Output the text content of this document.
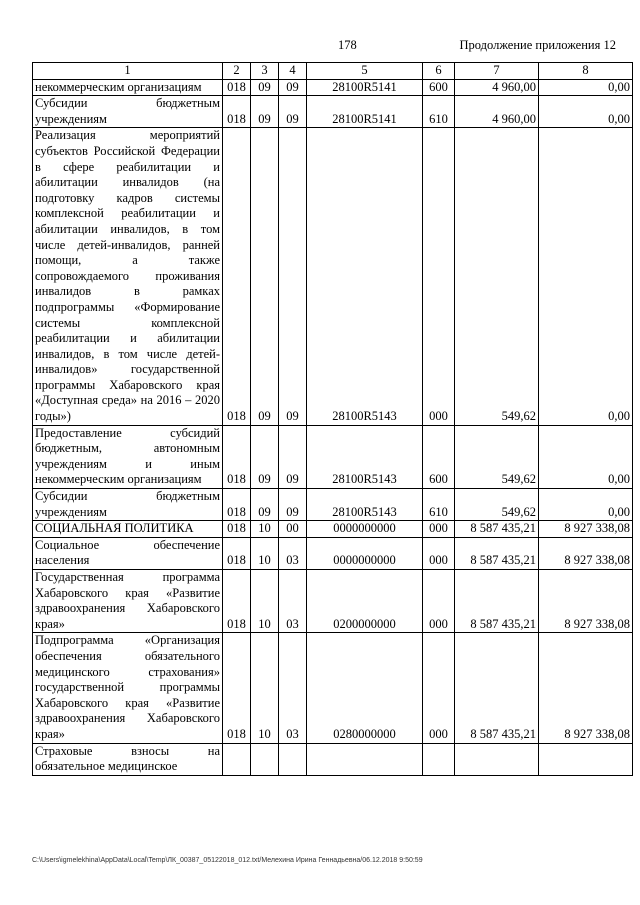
178	Продолжение приложения 12
1	2	3	4	5	6	7	8
некоммерческим организациям	018	09	09	28100R5141	600	4 960,00	0,00
Субсидии бюджетным учреждениям	018	09	09	28100R5141	610	4 960,00	0,00
Реализация мероприятий субъектов Российской Федерации в сфере реабилитации и абилитации инвалидов (на подготовку кадров системы комплексной реабилитации и абилитации инвалидов, в том числе детей-инвалидов, ранней помощи, а также сопровождаемого проживания инвалидов в рамках подпрограммы «Формирование системы комплексной реабилитации и абилитации инвалидов, в том числе детей-инвалидов» государственной программы Хабаровского края «Доступная среда» на 2016 – 2020 годы»)	018	09	09	28100R5143	000	549,62	0,00
Предоставление субсидий бюджетным, автономным учреждениям и иным некоммерческим организациям	018	09	09	28100R5143	600	549,62	0,00
Субсидии бюджетным учреждениям	018	09	09	28100R5143	610	549,62	0,00
СОЦИАЛЬНАЯ ПОЛИТИКА	018	10	00	0000000000	000	8 587 435,21	8 927 338,08
Социальное обеспечение населения	018	10	03	0000000000	000	8 587 435,21	8 927 338,08
Государственная программа Хабаровского края «Развитие здравоохранения Хабаровского края»	018	10	03	0200000000	000	8 587 435,21	8 927 338,08
Подпрограмма «Организация обеспечения обязательного медицинского страхования» государственной программы Хабаровского края «Развитие здравоохранения Хабаровского края»	018	10	03	0280000000	000	8 587 435,21	8 927 338,08
Страховые взносы на обязательное медицинское							
C:\Users\igmelekhina\AppData\Local\Temp\ЛК_00387_05122018_012.txt/Мелехина Ирина Геннадьевна/06.12.2018 9:50:59
